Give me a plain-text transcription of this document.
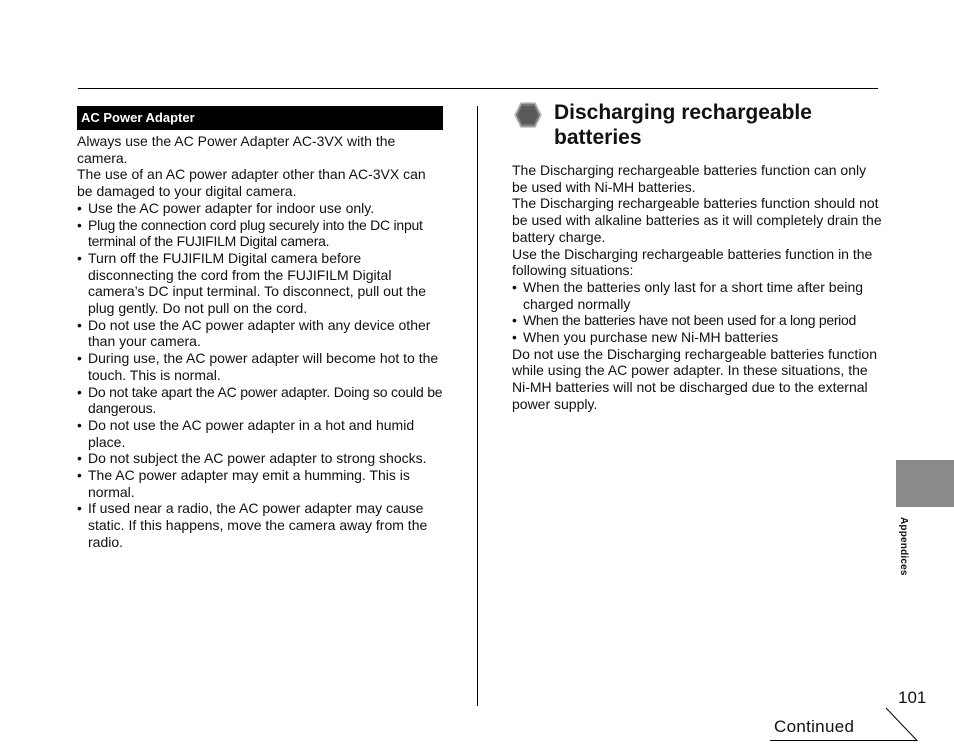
AC Power Adapter

Always use the AC Power Adapter AC-3VX with the camera.

The use of an AC power adapter other than AC-3VX can be damaged to your digital camera.

• Use the AC power adapter for indoor use only.
• Plug the connection cord plug securely into the DC input terminal of the FUJIFILM Digital camera.
• Turn off the FUJIFILM Digital camera before disconnecting the cord from the FUJIFILM Digital camera’s DC input terminal. To disconnect, pull out the plug gently. Do not pull on the cord.
• Do not use the AC power adapter with any device other than your camera.
• During use, the AC power adapter will become hot to the touch. This is normal.
• Do not take apart the AC power adapter. Doing so could be dangerous.
• Do not use the AC power adapter in a hot and humid place.
• Do not subject the AC power adapter to strong shocks.
• The AC power adapter may emit a humming. This is normal.
• If used near a radio, the AC power adapter may cause static. If this happens, move the camera away from the radio.
Discharging rechargeable batteries

The Discharging rechargeable batteries function can only be used with Ni-MH batteries.

The Discharging rechargeable batteries function should not be used with alkaline batteries as it will completely drain the battery charge.

Use the Discharging rechargeable batteries function in the following situations:

• When the batteries only last for a short time after being charged normally
• When the batteries have not been used for a long period
• When you purchase new Ni-MH batteries

Do not use the Discharging rechargeable batteries function while using the AC power adapter. In these situations, the Ni-MH batteries will not be discharged due to the external power supply.

Appendices
101
Continued
